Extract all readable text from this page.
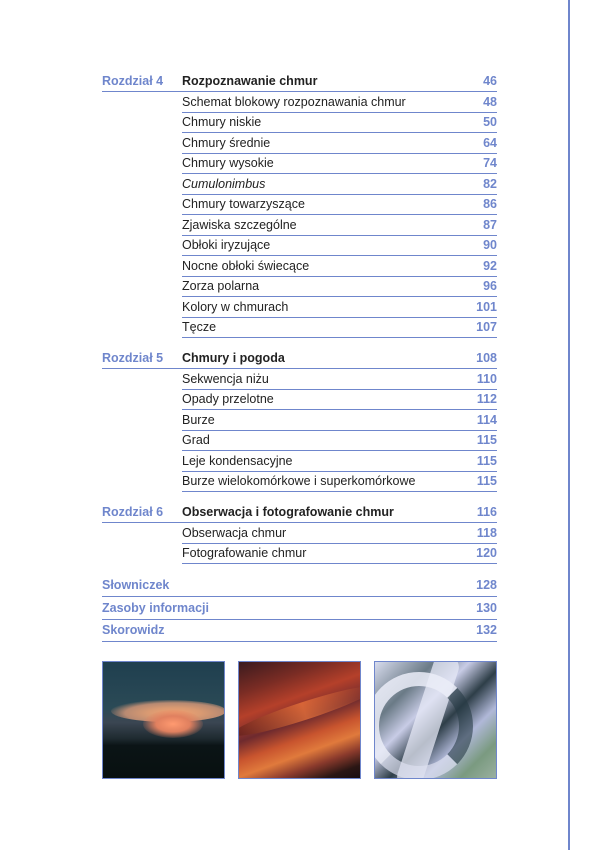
Rozdział 4 Rozpoznawanie chmur	46
Schemat blokowy rozpoznawania chmur	48
Chmury niskie	50
Chmury średnie	64
Chmury wysokie	74
Cumulonimbus	82
Chmury towarzyszące	86
Zjawiska szczególne	87
Obłoki iryzujące	90
Nocne obłoki świecące	92
Zorza polarna	96
Kolory w chmurach	101
Tęcze	107
Rozdział 5 Chmury i pogoda	108
Sekwencja niżu	110
Opady przelotne	112
Burze	114
Grad	115
Leje kondensacyjne	115
Burze wielokomórkowe i superkomórkowe	115
Rozdział 6 Obserwacja i fotografowanie chmur	116
Obserwacja chmur	118
Fotografowanie chmur	120
Słowniczek	128
Zasoby informacji	130
Skorowidz	132
